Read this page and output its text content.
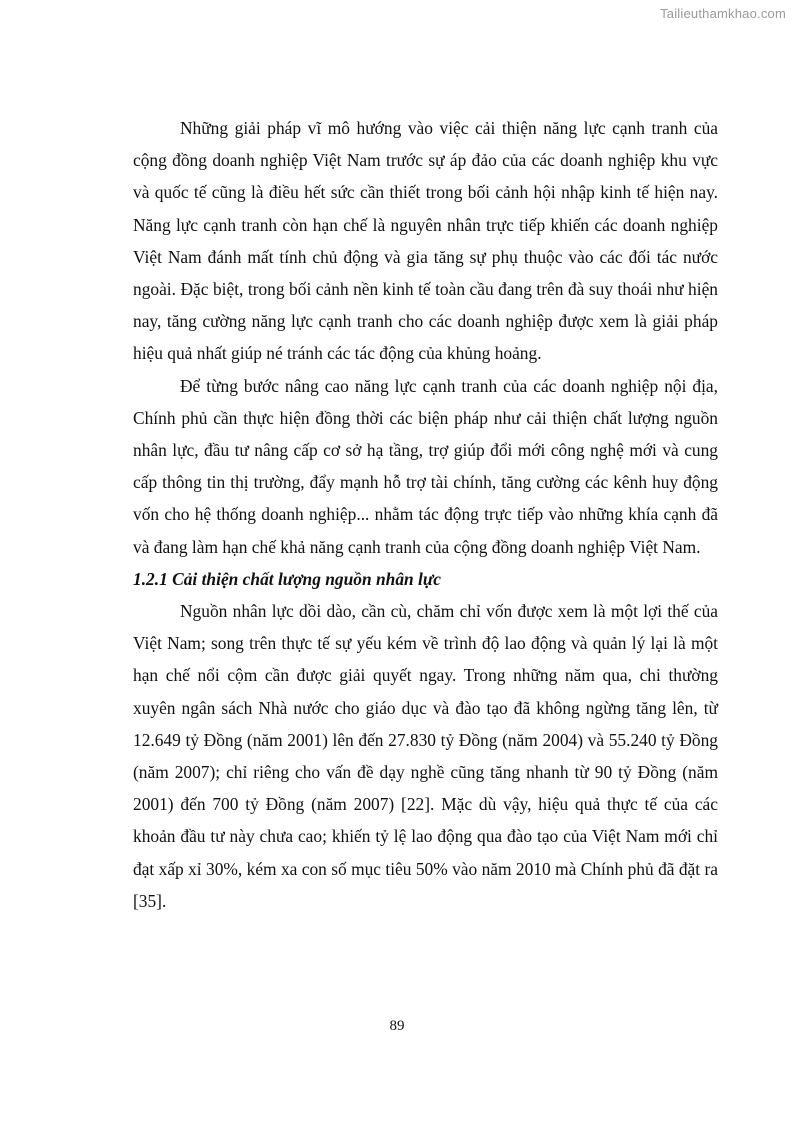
Tailieuthamkhao.com

Những giải pháp vĩ mô hướng vào việc cải thiện năng lực cạnh tranh của cộng đồng doanh nghiệp Việt Nam trước sự áp đảo của các doanh nghiệp khu vực và quốc tế cũng là điều hết sức cần thiết trong bối cảnh hội nhập kinh tế hiện nay. Năng lực cạnh tranh còn hạn chế là nguyên nhân trực tiếp khiến các doanh nghiệp Việt Nam đánh mất tính chủ động và gia tăng sự phụ thuộc vào các đối tác nước ngoài. Đặc biệt, trong bối cảnh nền kinh tế toàn cầu đang trên đà suy thoái như hiện nay, tăng cường năng lực cạnh tranh cho các doanh nghiệp được xem là giải pháp hiệu quả nhất giúp né tránh các tác động của khủng hoảng.

Để từng bước nâng cao năng lực cạnh tranh của các doanh nghiệp nội địa, Chính phủ cần thực hiện đồng thời các biện pháp như cải thiện chất lượng nguồn nhân lực, đầu tư nâng cấp cơ sở hạ tầng, trợ giúp đổi mới công nghệ mới và cung cấp thông tin thị trường, đẩy mạnh hỗ trợ tài chính, tăng cường các kênh huy động vốn cho hệ thống doanh nghiệp... nhằm tác động trực tiếp vào những khía cạnh đã và đang làm hạn chế khả năng cạnh tranh của cộng đồng doanh nghiệp Việt Nam.

1.2.1 Cải thiện chất lượng nguồn nhân lực

Nguồn nhân lực dồi dào, cần cù, chăm chỉ vốn được xem là một lợi thế của Việt Nam; song trên thực tế sự yếu kém về trình độ lao động và quản lý lại là một hạn chế nổi cộm cần được giải quyết ngay. Trong những năm qua, chi thường xuyên ngân sách Nhà nước cho giáo dục và đào tạo đã không ngừng tăng lên, từ 12.649 tỷ Đồng (năm 2001) lên đến 27.830 tỷ Đồng (năm 2004) và 55.240 tỷ Đồng (năm 2007); chỉ riêng cho vấn đề dạy nghề cũng tăng nhanh từ 90 tỷ Đồng (năm 2001) đến 700 tỷ Đồng (năm 2007) [22]. Mặc dù vậy, hiệu quả thực tế của các khoản đầu tư này chưa cao; khiến tỷ lệ lao động qua đào tạo của Việt Nam mới chỉ đạt xấp xỉ 30%, kém xa con số mục tiêu 50% vào năm 2010 mà Chính phủ đã đặt ra [35].

89
